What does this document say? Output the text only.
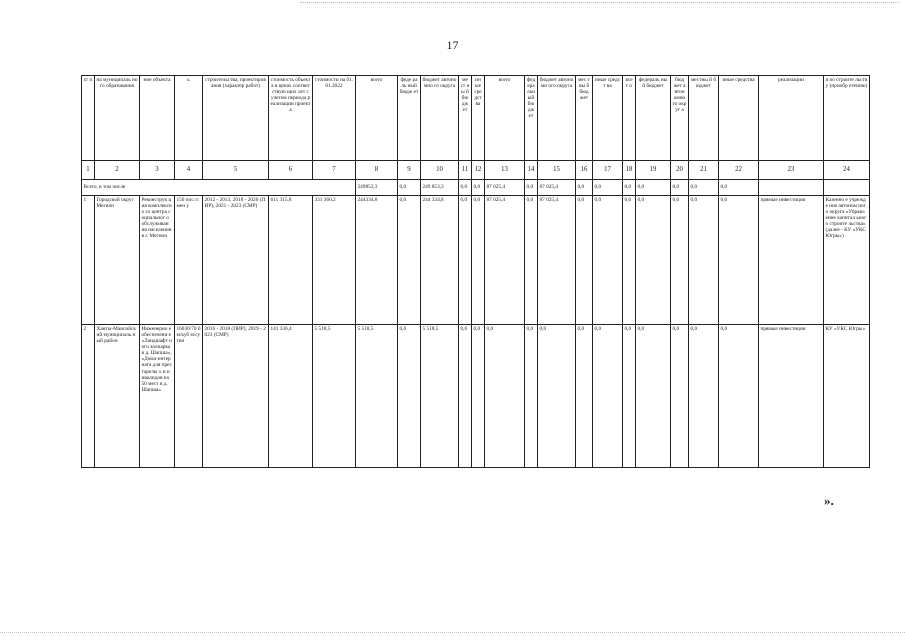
17
п/ п	на муниципаль ного образования	ние объекта	ь	строительства, проектирования (характер работ)	стоимость объекта в ценах соответствую щих лет с учетом периода реализации проекта	стоимости на 01.01.2022	всего	феде раль ный бюдж ет	бюджет автономно го округа	ме ст ны й бю дж ет	ин ые сре дст ва	всего	фед ера льн ый бю дж ет	бюджет автономн ого округа	мес тны й бюд жет	иные средст ва	всег о	федераль ный бюджет	бюд жет автон омно го округ а	местны й бюджет	иные средства	реализации	я по строите льству (приобр етению)
1	2	3	4	5	6	7	8	9	10	11	12	13	14	15	16	17	18	19	20	21	22	23	24
Всего, в том числе							249853,3	0,0	249 853,3	0,0	0,0	87 025,4	0,0	87 025,4	0,0	0,0	0,0	0,0	0,0	0,0	0,0		
1	Городской округ Мегион	Реконструк ция комплексно го центра социальног о обслуживан ия населения в г. Мегион	150 пос./смен у	2012 - 2013, 2018 - 2020 (ПИР), 2021 - 2023 (СМР)	611 315,8	331 360,2	244334,8	0,0	244 334,8	0,0	0,0	87 025,4	0,0	87 025,4	0,0	0,0	0,0	0,0	0,0	0,0	0,0	прямые инвестиции	Казенно е учрежде ние автоном ного округа «Управл ение капитал ьного строите льства» (далее - КУ «УКС Югры»)
2	Ханты-Мансийский муниципаль ный район	Инженерно е обеспечени е «Ландшафт ного зоопарка в д. Шапша», «Дома-интерната для престарелы х и инвалидов на 50 мест в д. Шапша»	16030/70 0 м/куб м/сутки	2016 - 2018 (ПИР), 2019 - 2023 (СМР)	141 336,4	5 518,5	5 518,5	0,0	5 518,5	0,0	0,0	0,0	0,0	0,0	0,0	0,0	0,0	0,0	0,0	0,0	0,0	прямые инвестиции	КУ «УКС Югры»
».
